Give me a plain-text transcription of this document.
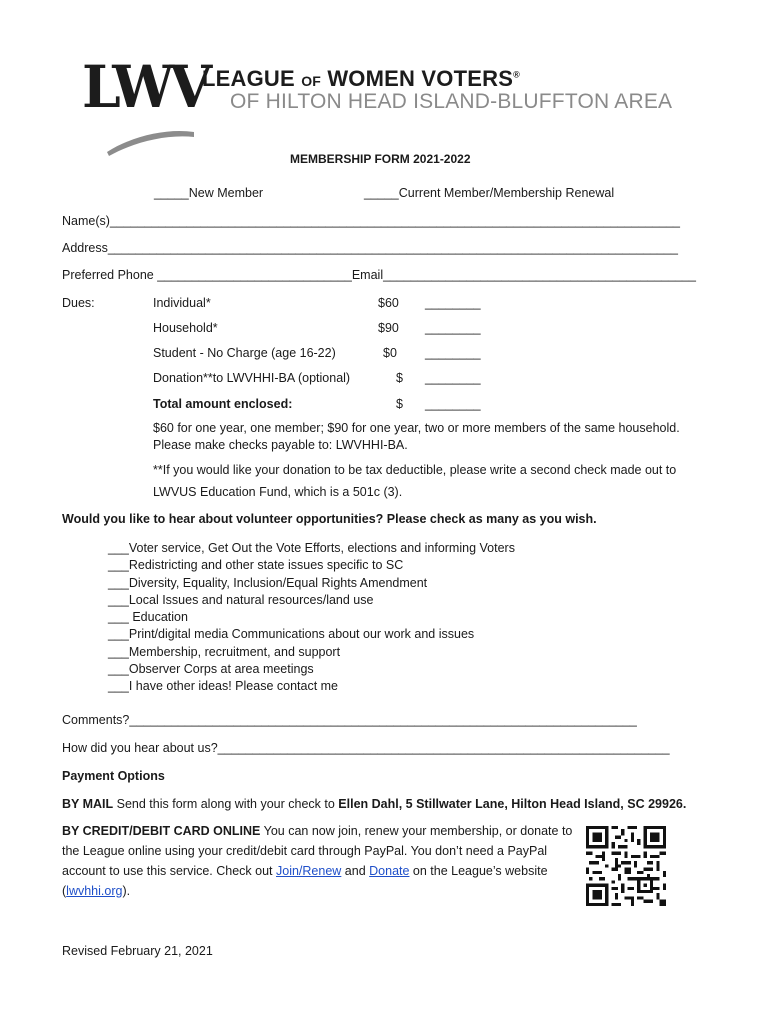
LWV
LEAGUE OF WOMEN VOTERS®
OF HILTON HEAD ISLAND-BLUFFTON AREA
MEMBERSHIP FORM 2021-2022
_____New Member	_____Current Member/Membership Renewal
Name(s)__________________________________________________________________________________
Address__________________________________________________________________________________
Preferred Phone ____________________________Email_____________________________________________
Dues:	Individual*	$60 ________
Household*	$90 ________
Student - No Charge (age 16-22)	$0 ________
Donation**to LWVHHI-BA (optional)	$ ________
Total amount enclosed:	$ ________
$60 for one year, one member; $90 for one year, two or more members of the same household.
Please make checks payable to: LWVHHI-BA.
**If you would like your donation to be tax deductible, please write a second check made out to
LWVUS Education Fund, which is a 501c (3).
Would you like to hear about volunteer opportunities? Please check as many as you wish.
___Voter service, Get Out the Vote Efforts, elections and informing Voters
___Redistricting and other state issues specific to SC
___Diversity, Equality, Inclusion/Equal Rights Amendment
___Local Issues and natural resources/land use
___ Education
___Print/digital media Communications about our work and issues
___Membership, recruitment, and support
___Observer Corps at area meetings
___I have other ideas! Please contact me
Comments?_________________________________________________________________________
How did you hear about us?_________________________________________________________________
Payment Options
BY MAIL Send this form along with your check to Ellen Dahl, 5 Stillwater Lane, Hilton Head Island, SC 29926.
BY CREDIT/DEBIT CARD ONLINE You can now join, renew your membership, or donate to
the League online using your credit/debit card through PayPal. You don’t need a PayPal
account to use this service. Check out Join/Renew and Donate on the League’s website
(lwvhhi.org).
Revised February 21, 2021
